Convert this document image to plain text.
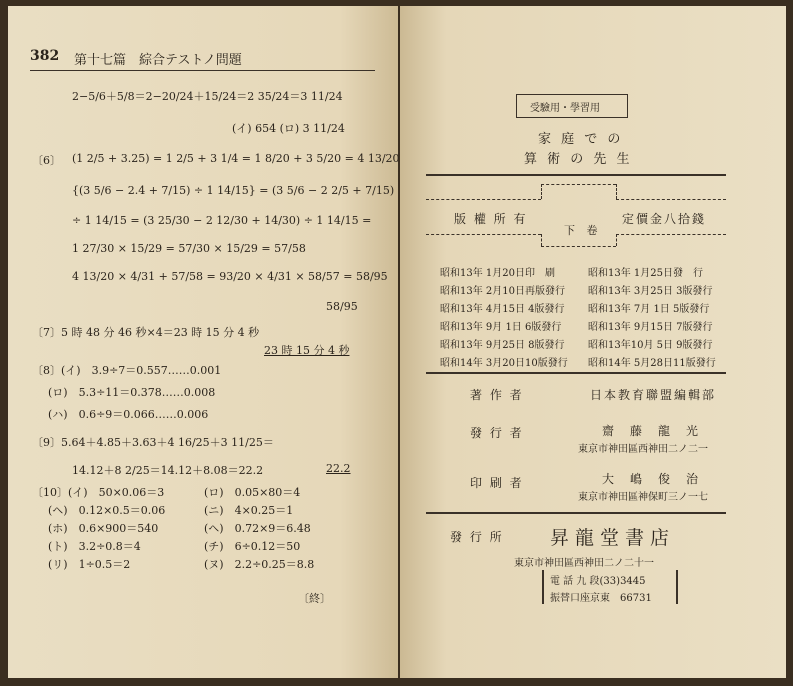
382 第十七篇　綜合テストノ問題
2−5/6＋5/8＝2−20/24＋15/24＝2 35/24＝3 11/24
(イ) 654 (ロ) 3 11/24
〔6〕 (1 2/5 + 3.25) = 1 2/5 + 3 1/4 = 1 8/20 + 3 5/20 = 4 13/20
{(3 5/6 − 2.4 + 7/15) ÷ 1 14/15} = (3 5/6 − 2 2/5 + 7/15)
÷ 1 14/15 = (3 25/30 − 2 12/30 + 14/30) ÷ 1 14/15 =
1 27/30 × 15/29 = 57/30 × 15/29 = 57/58
4 13/20 × 4/31 + 57/58 = 93/20 × 4/31 × 58/57 = 58/95
58/95
〔7〕5 時 48 分 46 秒×4＝23 時 15 分 4 秒
23 時 15 分 4 秒
〔8〕(イ)　3.9÷7＝0.557……0.001
(ロ)　5.3÷11＝0.378……0.008
(ハ)　0.6÷9＝0.066……0.006
〔9〕5.64＋4.85＋3.63＋4 16/25＋3 11/25＝
14.12＋8 2/25＝14.12＋8.08＝22.2	22.2
〔10〕(イ)　50×0.06＝3	(ロ)　0.05×80＝4
(ヘ)　0.12×0.5＝0.06	(ニ)　4×0.25＝1
(ホ)　0.6×900＝540	(ヘ)　0.72×9＝6.48
(ト)　3.2÷0.8＝4	(チ)　6÷0.12＝50
(リ)　1÷0.5＝2	(ヌ)　2.2÷0.25＝8.8
〔終〕
受驗用・學習用
家 庭 で の
算 術 の 先 生
版 權 所 有	定價金八拾錢
下 卷
昭和13年 1月20日印　刷	昭和13年 1月25日發　行
昭和13年 2月10日再版發行 昭和13年 3月25日 3版發行
昭和13年 4月15日 4版發行 昭和13年 7月 1日 5版發行
昭和13年 9月 1日 6版發行	昭和13年 9月15日 7版發行
昭和13年 9月25日 8版發行 昭和13年10月 5日 9版發行
昭和14年 3月20日10版發行 昭和14年 5月28日11版發行
著 作 者	日本教育聯盟編輯部
發 行 者	齋　藤　龍　光
東京市神田區西神田二ノ二一
印 刷 者	大　嶋　俊　治
東京市神田區神保町三ノ一七
發 行 所 昇龍堂書店
東京市神田區西神田二ノ二十一
電 話 九 段(33)3445
振替口座京東　66731
